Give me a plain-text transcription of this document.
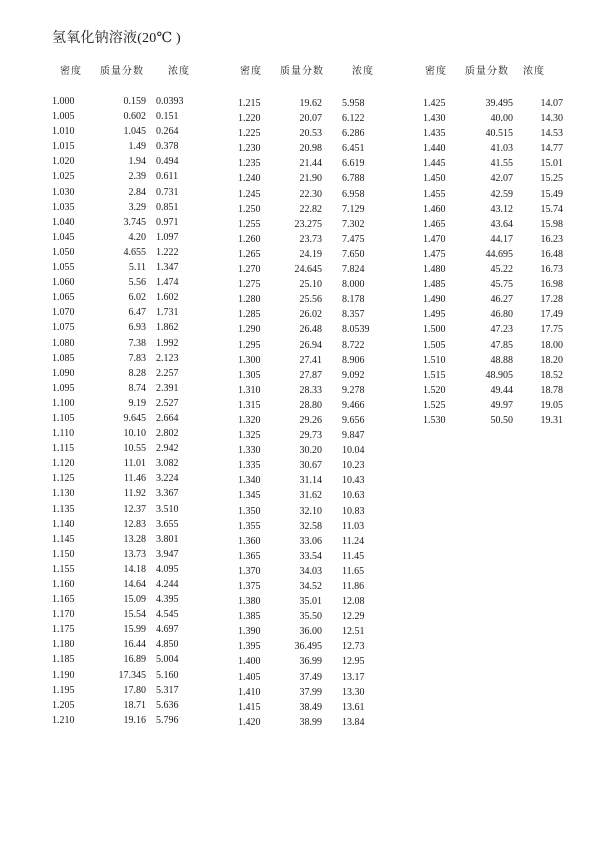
氢氧化钠溶液(20℃ )
密度 质量分数 浓度
1.000	0.159 0.0393
1.005	0.602 0.151
1.010	1.045 0.264
1.015	1.49 0.378
1.020	1.94 0.494
1.025	2.39 0.611
1.030	2.84 0.731
1.035	3.29 0.851
1.040	3.745 0.971
1.045	4.20 1.097
1.050	4.655 1.222
1.055	5.11 1.347
1.060	5.56 1.474
1.065	6.02 1.602
1.070	6.47 1.731
1.075	6.93 1.862
1.080	7.38 1.992
1.085	7.83 2.123
1.090	8.28 2.257
1.095	8.74 2.391
1.100	9.19 2.527
1.105	9.645 2.664
1.110	10.10 2.802
1.115	10.55 2.942
1.120	11.01 3.082
1.125	11.46 3.224
1.130	11.92 3.367
1.135	12.37 3.510
1.140	12.83 3.655
1.145	13.28 3.801
1.150	13.73 3.947
1.155	14.18 4.095
1.160	14.64 4.244
1.165	15.09 4.395
1.170	15.54 4.545
1.175	15.99 4.697
1.180	16.44 4.850
1.185	16.89 5.004
1.190	17.345 5.160
1.195	17.80 5.317
1.205	18.71 5.636
1.210	19.16 5.796
密度 质量分数	浓度
1.215	19.62 5.958
1.220	20.07 6.122
1.225	20.53 6.286
1.230	20.98 6.451
1.235	21.44 6.619
1.240	21.90 6.788
1.245	22.30 6.958
1.250	22.82 7.129
1.255	23.275 7.302
1.260	23.73 7.475
1.265	24.19 7.650
1.270	24.645 7.824
1.275	25.10 8.000
1.280	25.56 8.178
1.285	26.02 8.357
1.290	26.48 8.0539
1.295	26.94 8.722
1.300	27.41 8.906
1.305	27.87 9.092
1.310	28.33 9.278
1.315	28.80 9.466
1.320	29.26 9.656
1.325	29.73 9.847
1.330	30.20 10.04
1.335	30.67 10.23
1.340	31.14 10.43
1.345	31.62 10.63
1.350	32.10 10.83
1.355	32.58 11.03
1.360	33.06 11.24
1.365	33.54 11.45
1.370	34.03 11.65
1.375	34.52 11.86
1.380	35.01 12.08
1.385	35.50 12.29
1.390	36.00 12.51
1.395	36.495 12.73
1.400	36.99 12.95
1.405	37.49 13.17
1.410	37.99 13.30
1.415	38.49 13.61
1.420	38.99 13.84
密度 质量分数 浓度
1.425	39.495	14.07
1.430	40.00	14.30
1.435	40.515	14.53
1.440	41.03	14.77
1.445	41.55	15.01
1.450	42.07	15.25
1.455	42.59	15.49
1.460	43.12	15.74
1.465	43.64	15.98
1.470	44.17	16.23
1.475	44.695	16.48
1.480	45.22	16.73
1.485	45.75	16.98
1.490	46.27	17.28
1.495	46.80	17.49
1.500	47.23	17.75
1.505	47.85	18.00
1.510	48.88	18.20
1.515	48.905	18.52
1.520	49.44	18.78
1.525	49.97	19.05
1.530	50.50	19.31
